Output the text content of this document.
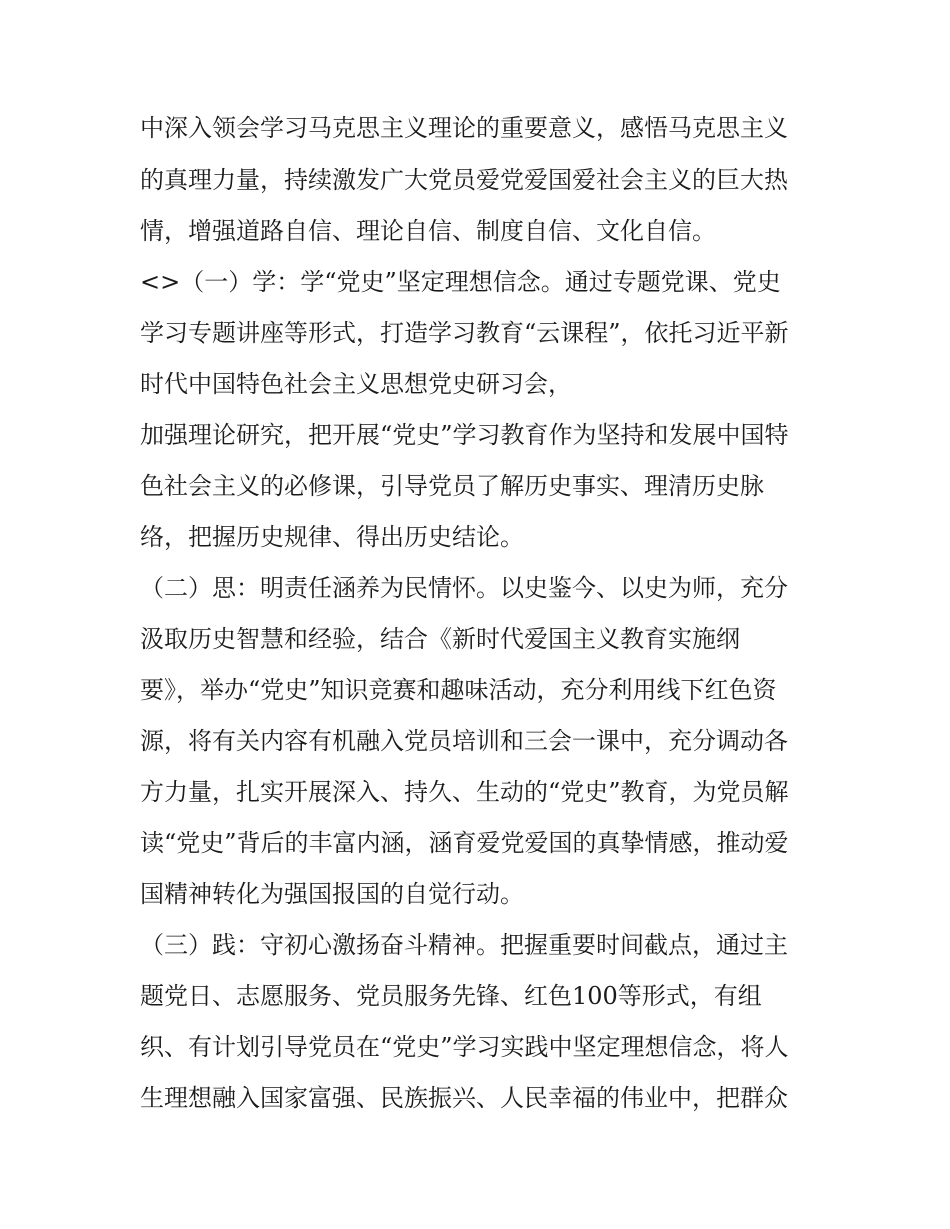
中深入领会学习马克思主义理论的重要意义，感悟马克思主义
的真理力量，持续激发广大党员爱党爱国爱社会主义的巨大热
情，增强道路自信、理论自信、制度自信、文化自信。
<>（一）学：学“党史”坚定理想信念。通过专题党课、党史
学习专题讲座等形式，打造学习教育“云课程”，依托习近平新
时代中国特色社会主义思想党史研习会，
加强理论研究，把开展“党史”学习教育作为坚持和发展中国特
色社会主义的必修课，引导党员了解历史事实、理清历史脉
络，把握历史规律、得出历史结论。
（二）思：明责任涵养为民情怀。以史鉴今、以史为师，充分
汲取历史智慧和经验，结合《新时代爱国主义教育实施纲
要》，举办“党史”知识竞赛和趣味活动，充分利用线下红色资
源，将有关内容有机融入党员培训和三会一课中，充分调动各
方力量，扎实开展深入、持久、生动的“党史”教育，为党员解
读“党史”背后的丰富内涵，涵育爱党爱国的真挚情感，推动爱
国精神转化为强国报国的自觉行动。
（三）践：守初心激扬奋斗精神。把握重要时间截点，通过主
题党日、志愿服务、党员服务先锋、红色100等形式，有组
织、有计划引导党员在“党史”学习实践中坚定理想信念，将人
生理想融入国家富强、民族振兴、人民幸福的伟业中，把群众
